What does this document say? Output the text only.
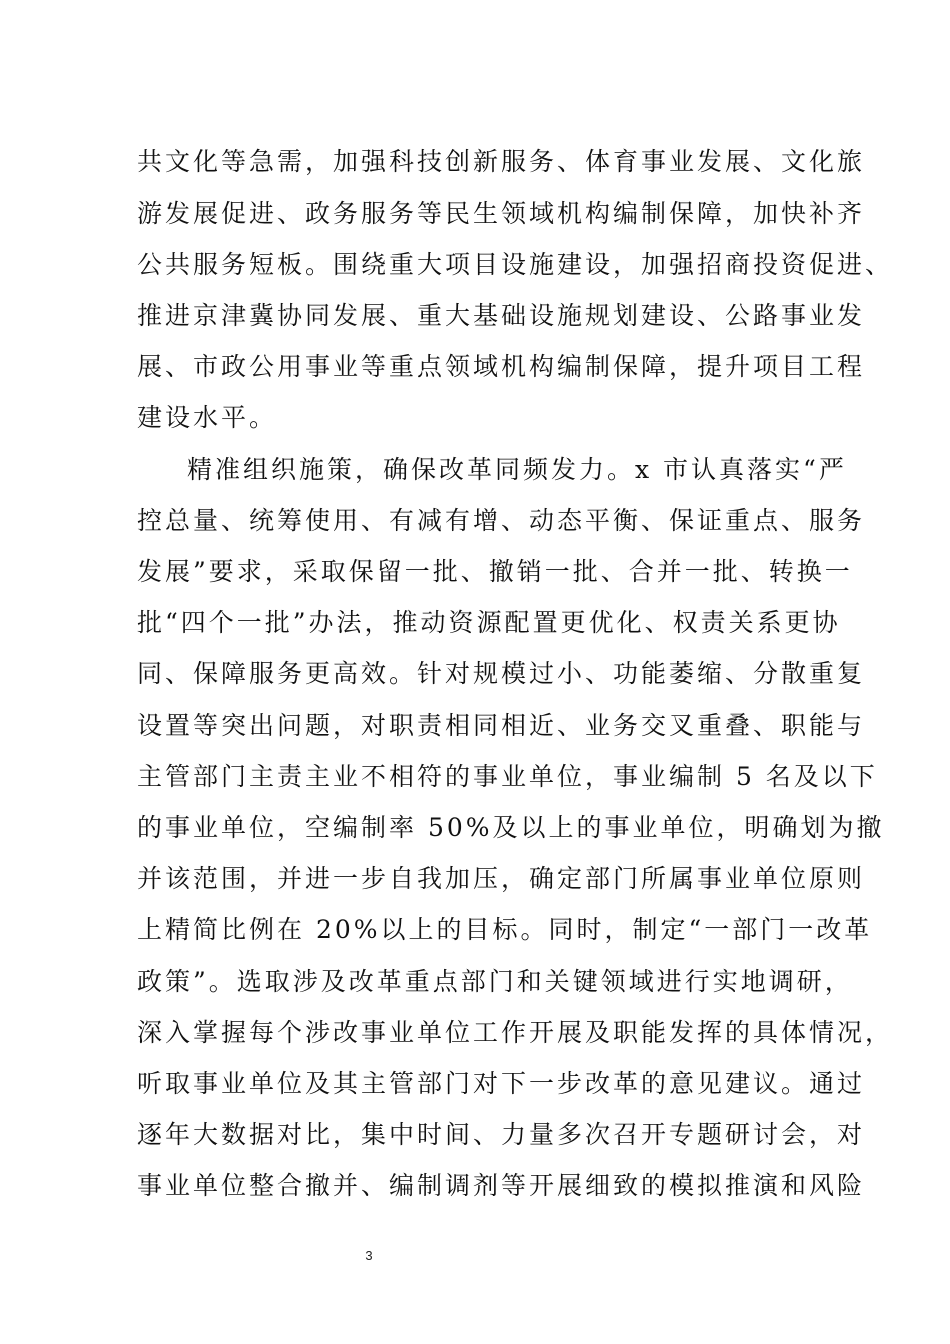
共文化等急需，加强科技创新服务、体育事业发展、文化旅
游发展促进、政务服务等民生领域机构编制保障，加快补齐
公共服务短板。围绕重大项目设施建设，加强招商投资促进、
推进京津冀协同发展、重大基础设施规划建设、公路事业发
展、市政公用事业等重点领域机构编制保障，提升项目工程
建设水平。
精准组织施策，确保改革同频发力。x 市认真落实“严
控总量、统筹使用、有减有增、动态平衡、保证重点、服务
发展”要求，采取保留一批、撤销一批、合并一批、转换一
批“四个一批”办法，推动资源配置更优化、权责关系更协
同、保障服务更高效。针对规模过小、功能萎缩、分散重复
设置等突出问题，对职责相同相近、业务交叉重叠、职能与
主管部门主责主业不相符的事业单位，事业编制 5 名及以下
的事业单位，空编制率 50%及以上的事业单位，明确划为撤
并该范围，并进一步自我加压，确定部门所属事业单位原则
上精简比例在 20%以上的目标。同时，制定“一部门一改革
政策”。选取涉及改革重点部门和关键领域进行实地调研，
深入掌握每个涉改事业单位工作开展及职能发挥的具体情况，
听取事业单位及其主管部门对下一步改革的意见建议。通过
逐年大数据对比，集中时间、力量多次召开专题研讨会，对
事业单位整合撤并、编制调剂等开展细致的模拟推演和风险
3
